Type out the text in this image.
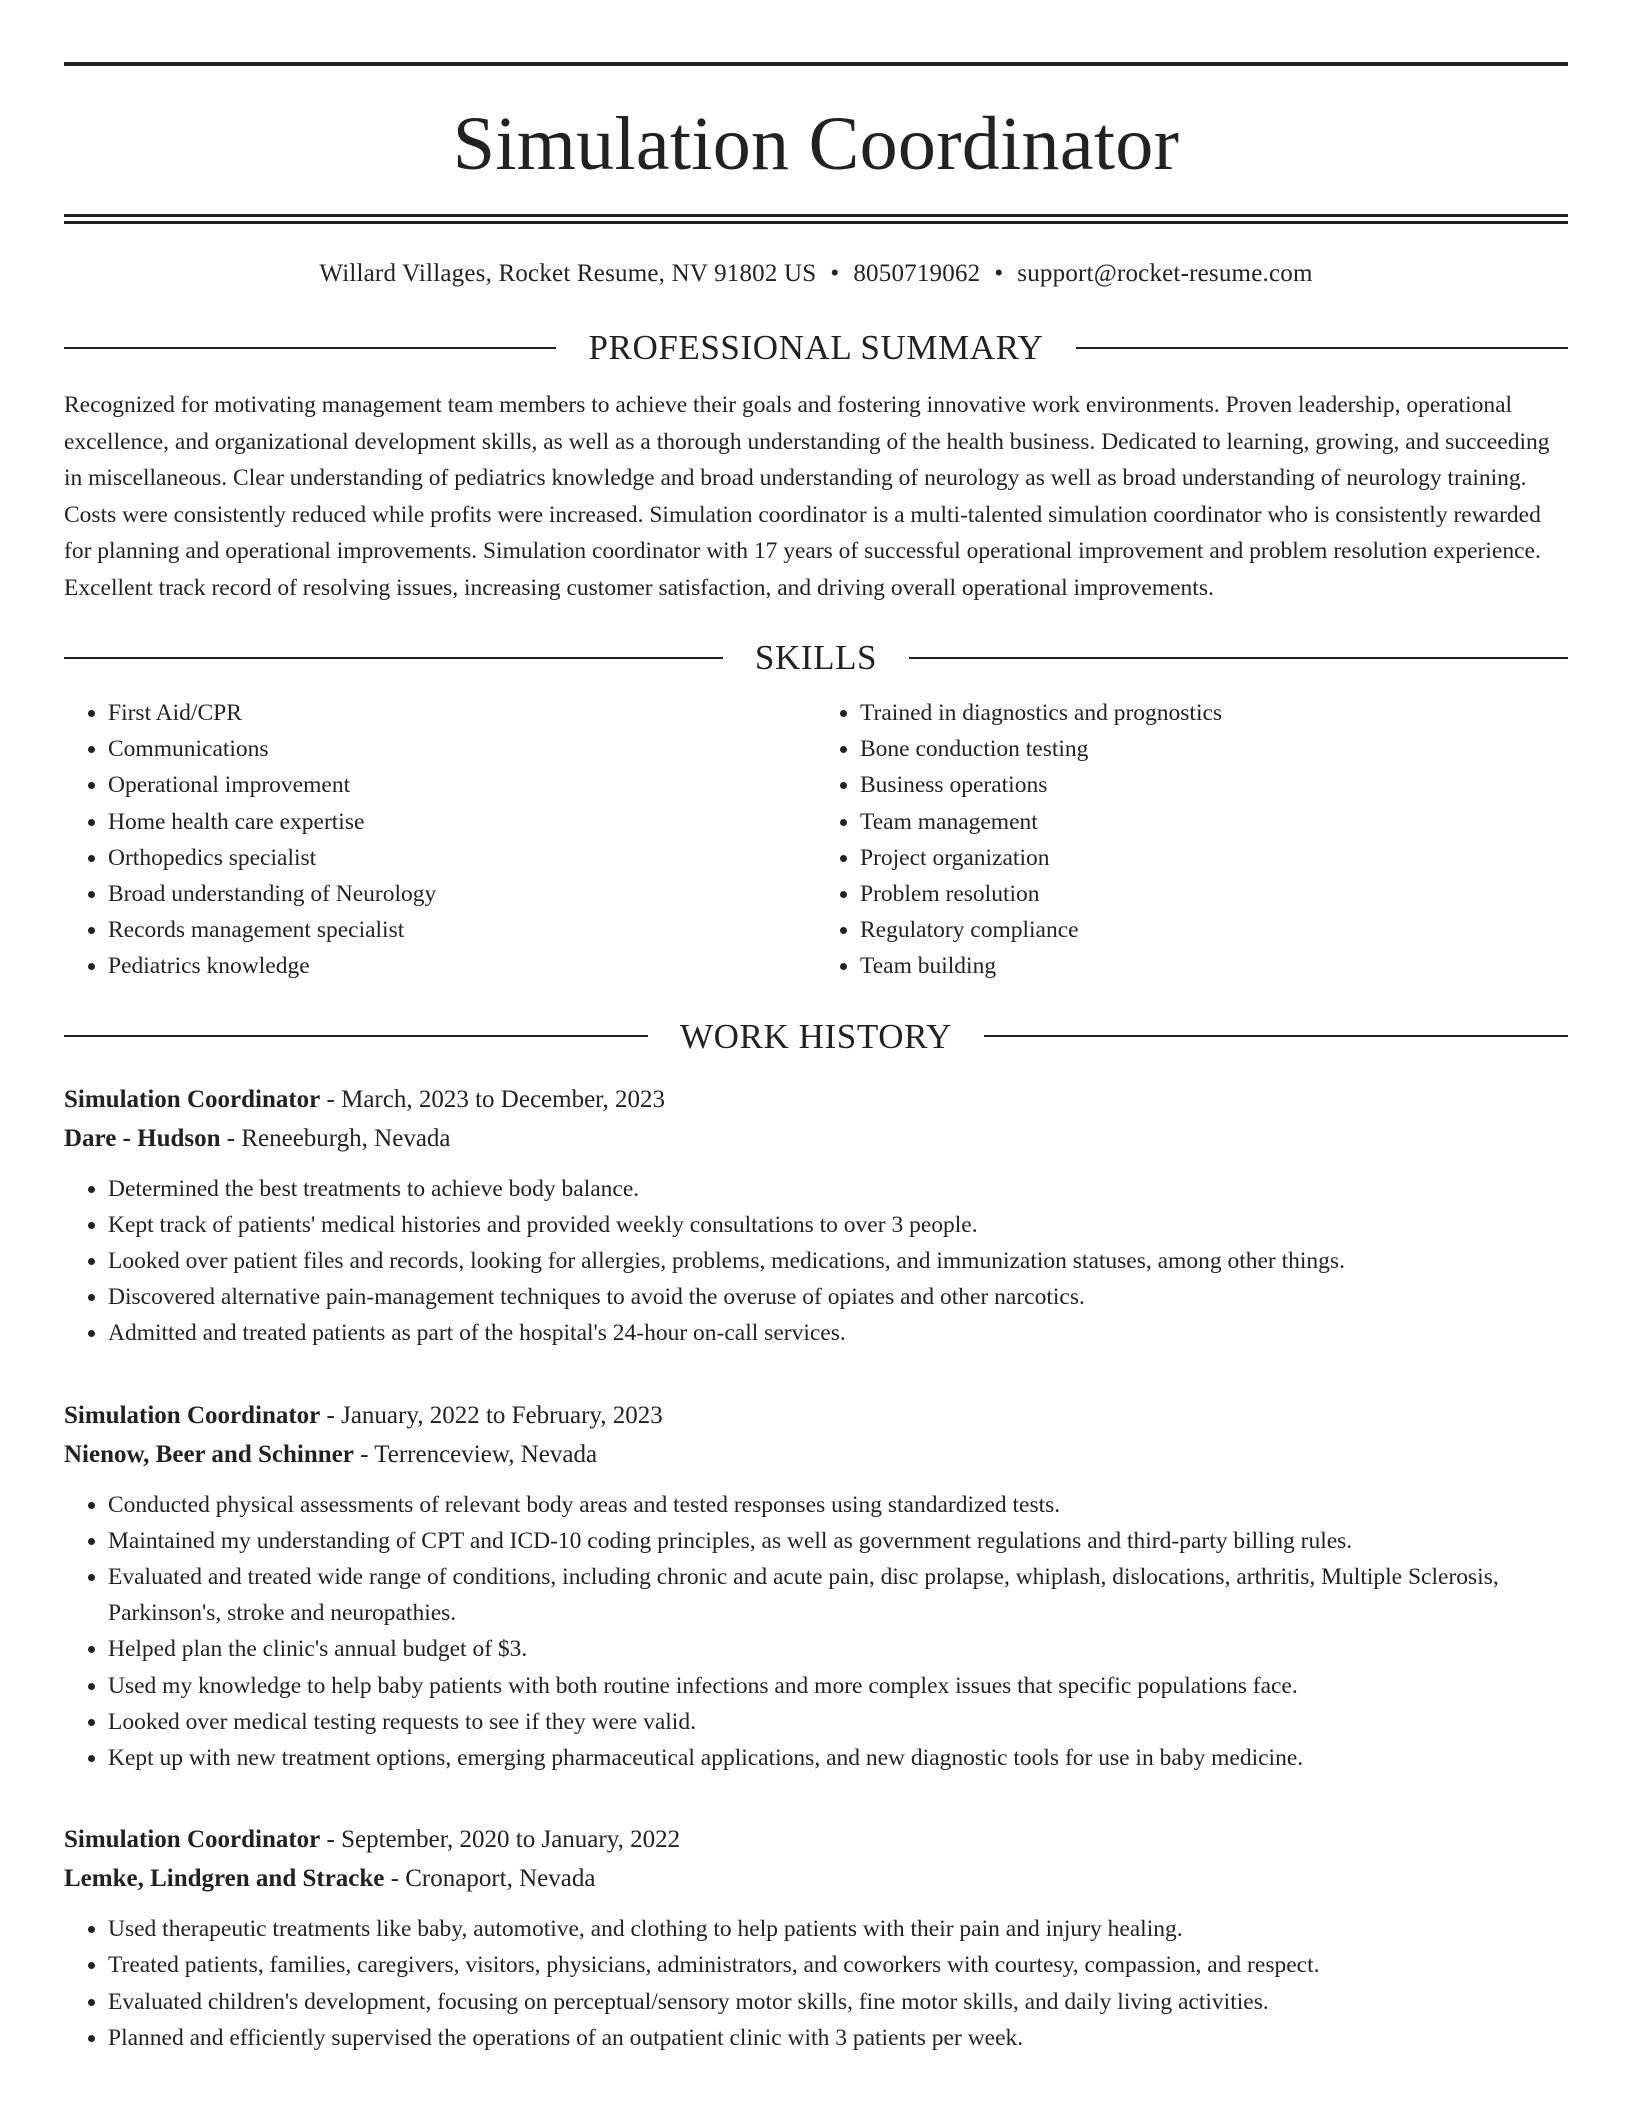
Simulation Coordinator
Willard Villages, Rocket Resume, NV 91802 US • 8050719062 • support@rocket-resume.com
PROFESSIONAL SUMMARY

Recognized for motivating management team members to achieve their goals and fostering innovative work environments. Proven leadership, operational excellence, and organizational development skills, as well as a thorough understanding of the health business. Dedicated to learning, growing, and succeeding in miscellaneous. Clear understanding of pediatrics knowledge and broad understanding of neurology as well as broad understanding of neurology training. Costs were consistently reduced while profits were increased. Simulation coordinator is a multi-talented simulation coordinator who is consistently rewarded for planning and operational improvements. Simulation coordinator with 17 years of successful operational improvement and problem resolution experience. Excellent track record of resolving issues, increasing customer satisfaction, and driving overall operational improvements.

SKILLS
• First Aid/CPR
• Communications
• Operational improvement
• Home health care expertise
• Orthopedics specialist
• Broad understanding of Neurology
• Records management specialist
• Pediatrics knowledge
• Trained in diagnostics and prognostics
• Bone conduction testing
• Business operations
• Team management
• Project organization
• Problem resolution
• Regulatory compliance
• Team building
WORK HISTORY
Simulation Coordinator - March, 2023 to December, 2023
Dare - Hudson - Reneeburgh, Nevada
• Determined the best treatments to achieve body balance.
• Kept track of patients' medical histories and provided weekly consultations to over 3 people.
• Looked over patient files and records, looking for allergies, problems, medications, and immunization statuses, among other things.
• Discovered alternative pain-management techniques to avoid the overuse of opiates and other narcotics.
• Admitted and treated patients as part of the hospital's 24-hour on-call services.
Simulation Coordinator - January, 2022 to February, 2023
Nienow, Beer and Schinner - Terrenceview, Nevada
• Conducted physical assessments of relevant body areas and tested responses using standardized tests.
• Maintained my understanding of CPT and ICD-10 coding principles, as well as government regulations and third-party billing rules.
• Evaluated and treated wide range of conditions, including chronic and acute pain, disc prolapse, whiplash, dislocations, arthritis, Multiple Sclerosis, Parkinson's, stroke and neuropathies.
• Helped plan the clinic's annual budget of $3.
• Used my knowledge to help baby patients with both routine infections and more complex issues that specific populations face.
• Looked over medical testing requests to see if they were valid.
• Kept up with new treatment options, emerging pharmaceutical applications, and new diagnostic tools for use in baby medicine.
Simulation Coordinator - September, 2020 to January, 2022
Lemke, Lindgren and Stracke - Cronaport, Nevada
• Used therapeutic treatments like baby, automotive, and clothing to help patients with their pain and injury healing.
• Treated patients, families, caregivers, visitors, physicians, administrators, and coworkers with courtesy, compassion, and respect.
• Evaluated children's development, focusing on perceptual/sensory motor skills, fine motor skills, and daily living activities.
• Planned and efficiently supervised the operations of an outpatient clinic with 3 patients per week.
